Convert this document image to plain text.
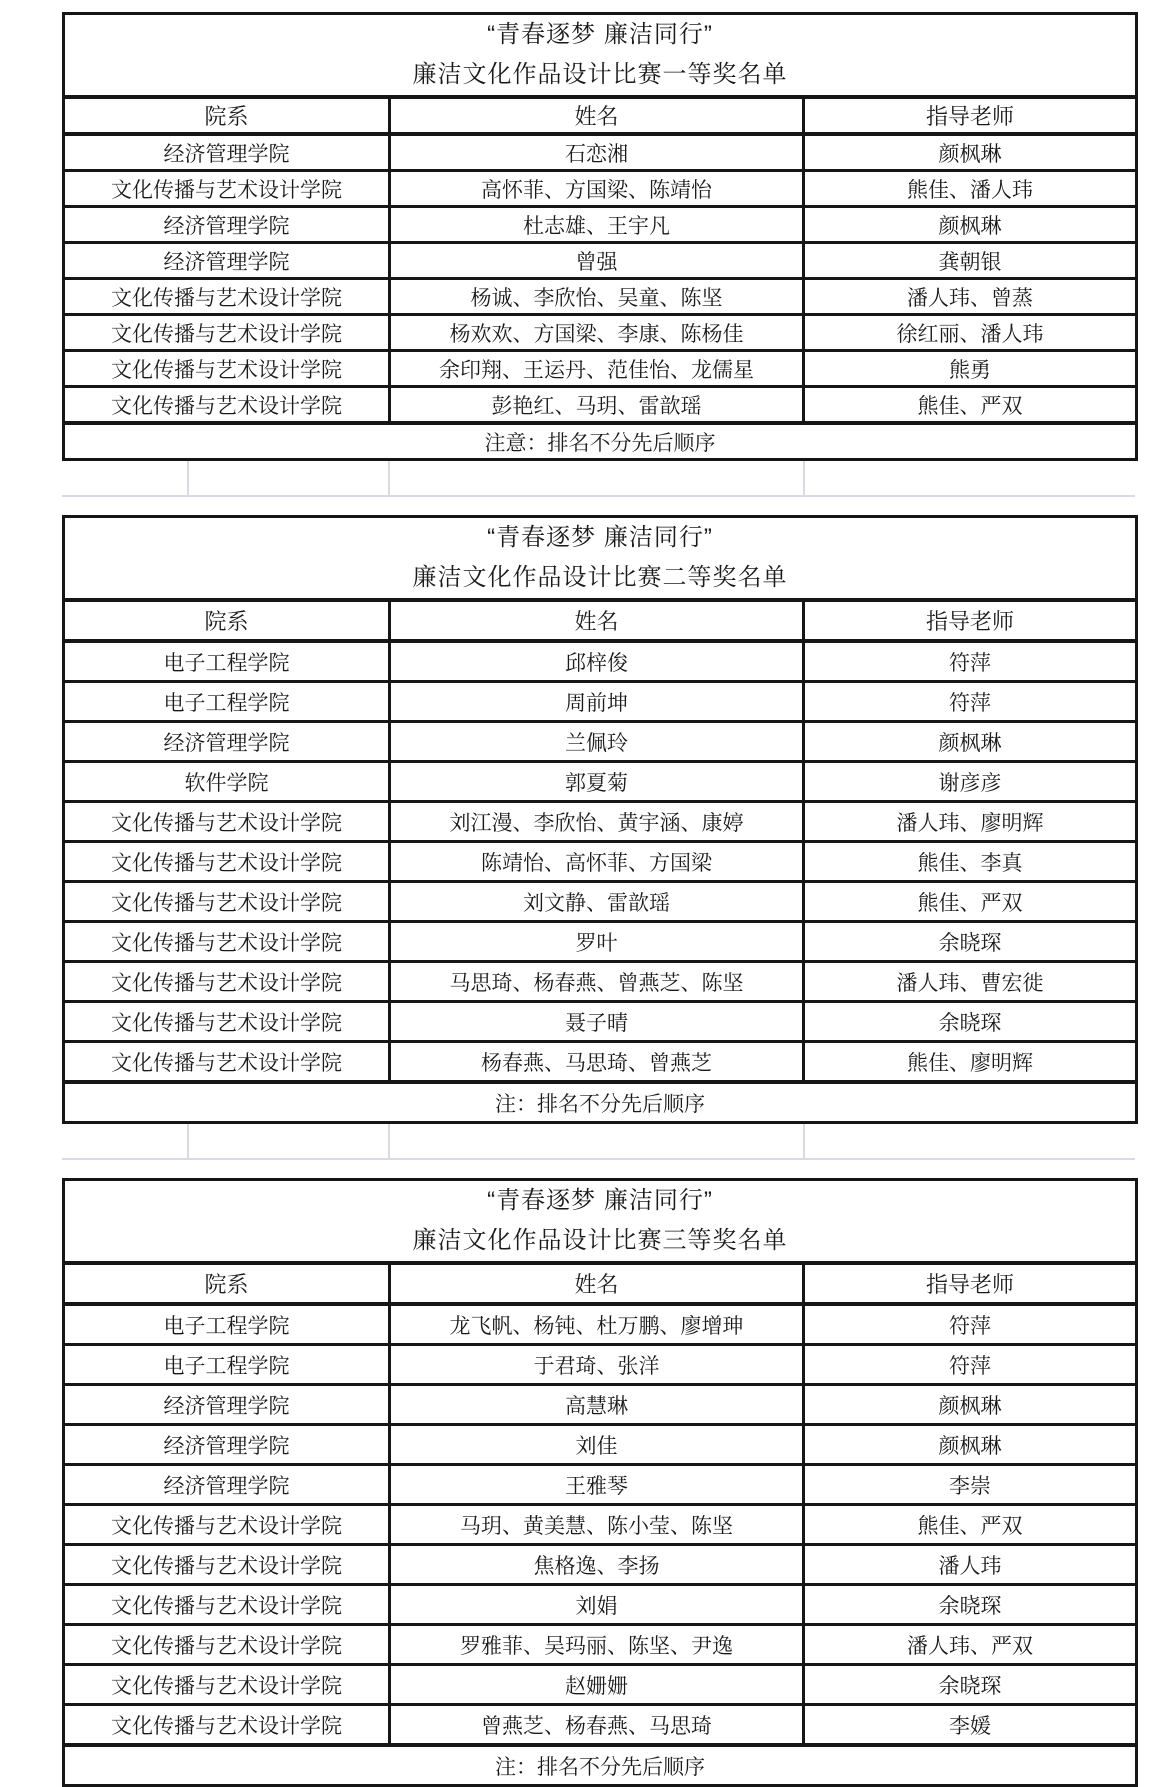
“青春逐梦 廉洁同行”
廉洁文化作品设计比赛一等奖名单		

院系	姓名	指导老师
经济管理学院	石恋湘	颜枫琳
文化传播与艺术设计学院	高怀菲、方国梁、陈靖怡	熊佳、潘人玮
经济管理学院	杜志雄、王宇凡	颜枫琳
经济管理学院	曾强	龚朝银
文化传播与艺术设计学院	杨诚、李欣怡、吴童、陈坚	潘人玮、曾蒸
文化传播与艺术设计学院	杨欢欢、方国梁、李康、陈杨佳	徐红丽、潘人玮
文化传播与艺术设计学院	余印翔、王运丹、范佳怡、龙儒星	熊勇
文化传播与艺术设计学院	彭艳红、马玥、雷歆瑶	熊佳、严双
注意：排名不分先后顺序		
“青春逐梦 廉洁同行”
廉洁文化作品设计比赛二等奖名单		

院系	姓名	指导老师
电子工程学院	邱梓俊	符萍
电子工程学院	周前坤	符萍
经济管理学院	兰佩玲	颜枫琳
软件学院	郭夏菊	谢彦彦
文化传播与艺术设计学院	刘江漫、李欣怡、黄宇涵、康婷	潘人玮、廖明辉
文化传播与艺术设计学院	陈靖怡、高怀菲、方国梁	熊佳、李真
文化传播与艺术设计学院	刘文静、雷歆瑶	熊佳、严双
文化传播与艺术设计学院	罗叶	余晓琛
文化传播与艺术设计学院	马思琦、杨春燕、曾燕芝、陈坚	潘人玮、曹宏徙
文化传播与艺术设计学院	聂子晴	余晓琛
文化传播与艺术设计学院	杨春燕、马思琦、曾燕芝	熊佳、廖明辉
注：排名不分先后顺序		
“青春逐梦 廉洁同行”
廉洁文化作品设计比赛三等奖名单		

院系	姓名	指导老师
电子工程学院	龙飞帆、杨钝、杜万鹏、廖增珅	符萍
电子工程学院	于君琦、张洋	符萍
经济管理学院	高慧琳	颜枫琳
经济管理学院	刘佳	颜枫琳
经济管理学院	王雅琴	李崇
文化传播与艺术设计学院	马玥、黄美慧、陈小莹、陈坚	熊佳、严双
文化传播与艺术设计学院	焦格逸、李扬	潘人玮
文化传播与艺术设计学院	刘娟	余晓琛
文化传播与艺术设计学院	罗雅菲、吴玛丽、陈坚、尹逸	潘人玮、严双
文化传播与艺术设计学院	赵姗姗	余晓琛
文化传播与艺术设计学院	曾燕芝、杨春燕、马思琦	李媛
注：排名不分先后顺序		
